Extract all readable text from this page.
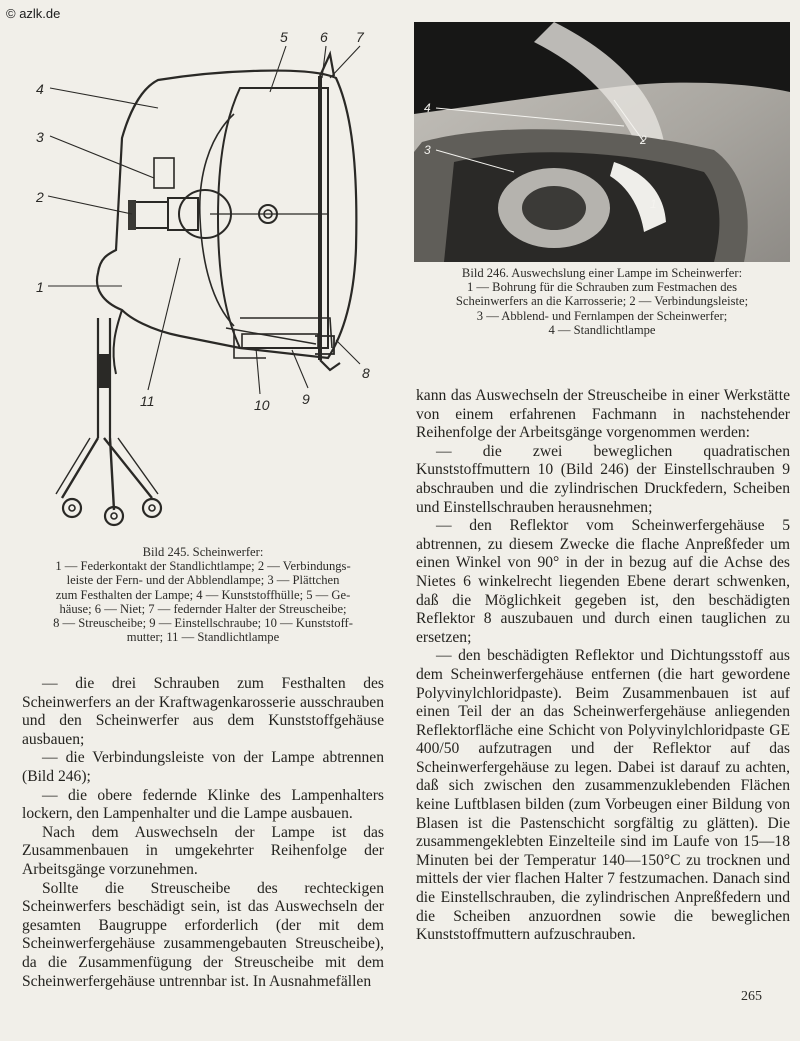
© azlk.de
4
3
2
1
5 6 7
8
9
10
11
4
3
2
1
Bild 245. Scheinwerfer:
1 — Federkontakt der Standlichtlampe; 2 — Verbindungs-
leiste der Fern- und der Abblendlampe; 3 — Plättchen
zum Festhalten der Lampe; 4 — Kunststoffhülle; 5 — Ge-
häuse; 6 — Niet; 7 — federnder Halter der Streuscheibe;
8 — Streuscheibe; 9 — Einstellschraube; 10 — Kunststoff-
mutter; 11 — Standlichtlampe
Bild 246. Auswechslung einer Lampe im Scheinwerfer:
1 — Bohrung für die Schrauben zum Festmachen des
Scheinwerfers an die Karrosserie; 2 — Verbindungsleiste;
3 — Abblend- und Fernlampen der Scheinwerfer;
4 — Standlichtlampe

— die drei Schrauben zum Festhalten des Scheinwerfers an der Kraftwagenkarosserie ausschrauben und den Scheinwerfer aus dem Kunststoffgehäuse ausbauen;

— die Verbindungsleiste von der Lampe abtrennen (Bild 246);

— die obere federnde Klinke des Lampenhalters lockern, den Lampenhalter und die Lampe ausbauen.

Nach dem Auswechseln der Lampe ist das Zusammenbauen in umgekehrter Reihenfolge der Arbeitsgänge vorzunehmen.

Sollte die Streuscheibe des rechteckigen Scheinwerfers beschädigt sein, ist das Auswechseln der gesamten Baugruppe erforderlich (der mit dem Scheinwerfergehäuse zusammengebauten Streuscheibe), da die Zusammenfügung der Streuscheibe mit dem Scheinwerfergehäuse untrennbar ist. In Ausnahmefällen

kann das Auswechseln der Streuscheibe in einer Werkstätte von einem erfahrenen Fachmann in nachstehender Reihenfolge der Arbeitsgänge vorgenommen werden:

— die zwei beweglichen quadratischen Kunststoffmuttern 10 (Bild 246) der Einstellschrauben 9 abschrauben und die zylindrischen Druckfedern, Scheiben und Einstellschrauben herausnehmen;

— den Reflektor vom Scheinwerfergehäuse 5 abtrennen, zu diesem Zwecke die flache Anpreßfeder um einen Winkel von 90° in der in bezug auf die Achse des Nietes 6 winkelrecht liegenden Ebene derart schwenken, daß die Möglichkeit gegeben ist, den beschädigten Reflektor 8 auszubauen und durch einen tauglichen zu ersetzen;

— den beschädigten Reflektor und Dichtungsstoff aus dem Scheinwerfergehäuse entfernen (die hart gewordene Polyvinylchloridpaste). Beim Zusammenbauen ist auf einen Teil der an das Scheinwerfergehäuse anliegenden Reflektorfläche eine Schicht von Polyvinylchloridpaste GE 400/50 aufzutragen und der Reflektor auf das Scheinwerfergehäuse zu legen. Dabei ist darauf zu achten, daß sich zwischen den zusammenzuklebenden Flächen keine Luftblasen bilden (zum Vorbeugen einer Bildung von Blasen ist die Pastenschicht sorgfältig zu glätten). Die zusammengeklebten Einzelteile sind im Laufe von 15—18 Minuten bei der Temperatur 140—150°C zu trocknen und mittels der vier flachen Halter 7 festzumachen. Danach sind die Einstellschrauben, die zylindrischen Anpreßfedern und die Scheiben anzuordnen sowie die beweglichen Kunststoffmuttern aufzuschrauben.

265
